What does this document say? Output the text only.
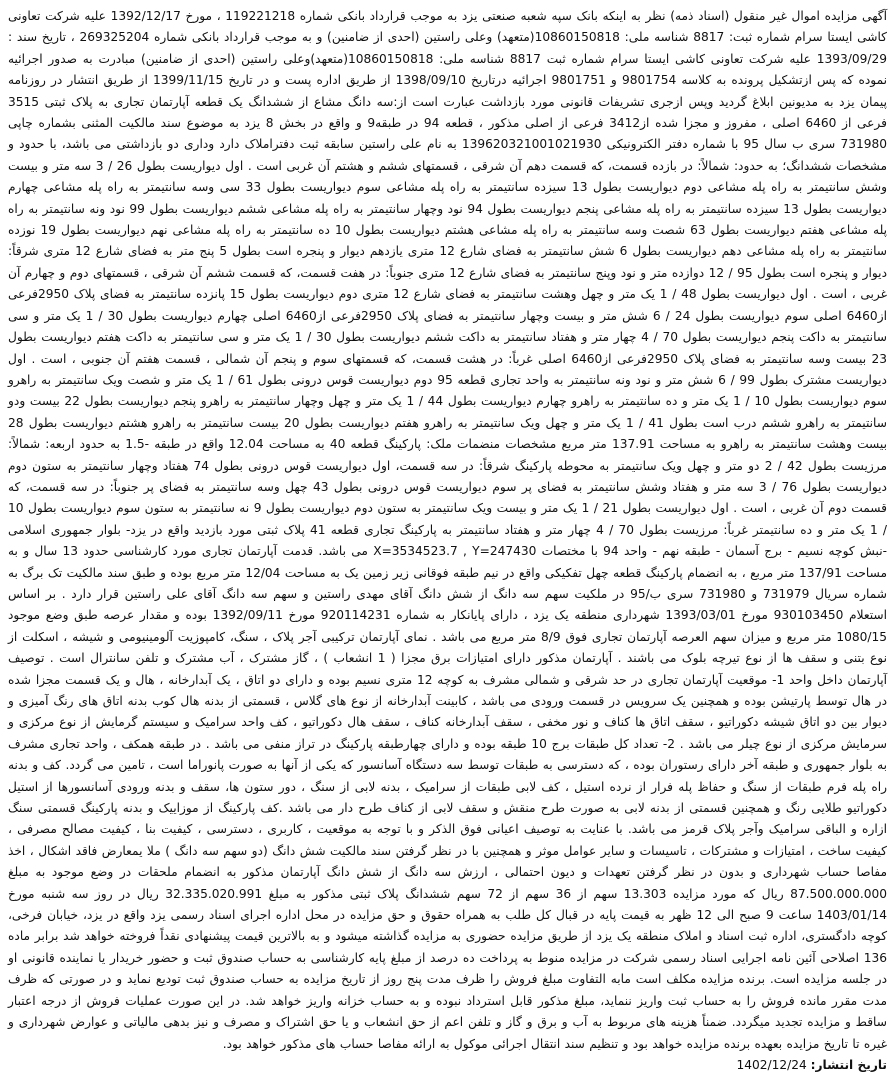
آگهی مزایده اموال غیر منقول (اسناد ذمه) نظر به اینکه بانک سپه شعبه صنعتی یزد به موجب قرارداد بانکی شماره 119221218 ، مورخ 1392/12/17 علیه شرکت تعاونی کاشی ایستا سرام شماره ثبت: 8817 شناسه ملی: 10860150818(متعهد) وعلی راستین (احدی از ضامنین) و به موجب قرارداد بانکی شماره 269325204 ، تاریخ سند : 1393/09/29 علیه شرکت تعاونی کاشی ایستا سرام شماره ثبت 8817 شناسه ملی: 10860150818(متعهد)وعلی راستین (احدی از ضامنین) مبادرت به صدور اجرائیه نموده که پس ازتشکیل پرونده به کلاسه 9801754 و 9801751 اجرائیه درتاریخ 1398/09/10 از طریق اداره پست و در تاریخ 1399/11/15 از طریق انتشار در روزنامه پیمان یزد به مدیونین ابلاغ گردید وپس ازجری تشریفات قانونی مورد بازداشت عبارت است از:سه دانگ مشاع از ششدانگ یک قطعه آپارتمان تجاری به پلاک ثبتی 3515 فرعی از 6460 اصلی ، مفروز و مجزا شده از3412 فرعی از اصلی مذکور ، قطعه 94 در طبقه9 و واقع در بخش 8 یزد به موضوع سند مالکیت المثنی بشماره چاپی 731980 سری ب سال 95 با شماره دفتر الکترونیکی 139620321001021930 به نام علی راستین سابقه ثبت دفتراملاک دارد وداری دو بازداشتی می باشد، با حدود و مشخصات ششدانگ؛ به حدود: شمالاً: در بازده قسمت، که قسمت دهم آن شرقی ، قسمتهای ششم و هشتم آن غربی است . اول دیواریست بطول 26 / 3 سه متر و بیست وشش سانتیمتر به راه پله مشاعی دوم دیواریست بطول 13 سیزده سانتیمتر به راه پله مشاعی سوم دیواریست بطول 33 سی وسه سانتیمتر به راه پله مشاعی چهارم دیواریست بطول 13 سیزده سانتیمتر به راه پله مشاعی پنجم دیواریست بطول 94 نود وچهار سانتیمتر به راه پله مشاعی ششم دیواریست بطول 99 نود ونه سانتیمتر به راه پله مشاعی هفتم دیواریست بطول 63 شصت وسه سانتیمتر به راه پله مشاعی هشتم دیواریست بطول 10 ده سانتیمتر به راه پله مشاعی نهم دیواریست بطول 19 نوزده سانتیمتر به راه پله مشاعی دهم دیواریست بطول 6 شش سانتیمتر به فضای شارع 12 متری یازدهم دیوار و پنجره است بطول 5 پنج متر به فضای شارع 12 متری شرقاً: دیوار و پنجره است بطول 95 / 12 دوازده متر و نود وپنج سانتیمتر به فضای شارع 12 متری جنوباً: در هفت قسمت، که قسمت ششم آن شرقی ، قسمتهای دوم و چهارم آن غربی ، است . اول دیواریست بطول 48 / 1 یک متر و چهل وهشت سانتیمتر به فضای شارع 12 متری دوم دیواریست بطول 15 پانزده سانتیمتر به فضای پلاک 2950فرعی از6460 اصلی سوم دیواریست بطول 24 / 6 شش متر و بیست وچهار سانتیمتر به فضای پلاک 2950فرعی از6460 اصلی چهارم دیواریست بطول 30 / 1 یک متر و سی سانتیمتر به داکت پنجم دیواریست بطول 70 / 4 چهار متر و هفتاد سانتیمتر به داکت ششم دیواریست بطول 30 / 1 یک متر و سی سانتیمتر به داکت هفتم دیواریست بطول 23 بیست وسه سانتیمتر به فضای پلاک 2950فرعی از6460 اصلی غرباً: در هشت قسمت، که قسمتهای سوم و پنجم آن شمالی ، قسمت هفتم آن جنوبی ، است . اول دیواریست مشترک بطول 99 / 6 شش متر و نود ونه سانتیمتر به واحد تجاری قطعه 95 دوم دیواریست قوس درونی بطول 61 / 1 یک متر و شصت ویک سانتیمتر به راهرو سوم دیواریست بطول 10 / 1 یک متر و ده سانتیمتر به راهرو چهارم دیواریست بطول 44 / 1 یک متر و چهل وچهار سانتیمتر به راهرو پنجم دیواریست بطول 22 بیست ودو سانتیمتر به راهرو ششم درب است بطول 41 / 1 یک متر و چهل ویک سانتیمتر به راهرو هفتم دیواریست بطول 20 بیست سانتیمتر به راهرو هشتم دیواریست بطول 28 بیست وهشت سانتیمتر به راهرو به مساحت 137.91 متر مربع مشخصات منضمات ملک: پارکینگ قطعه 40 به مساحت 12.04 واقع در طبقه -1.5 به حدود اربعه: شمالاً: مرزیست بطول 42 / 2 دو متر و چهل ویک سانتیمتر به محوطه پارکینگ شرقاً: در سه قسمت، اول دیواریست قوس درونی بطول 74 هفتاد وچهار سانتیمتر به ستون دوم دیواریست بطول 76 / 3 سه متر و هفتاد وشش سانتیمتر به فضای پر سوم دیواریست قوس درونی بطول 43 چهل وسه سانتیمتر به فضای پر جنوباً: در سه قسمت، که قسمت دوم آن غربی ، است . اول دیواریست بطول 21 / 1 یک متر و بیست ویک سانتیمتر به ستون دوم دیواریست بطول 9 نه سانتیمتر به ستون سوم دیواریست بطول 10 / 1 یک متر و ده سانتیمتر غرباً: مرزیست بطول 70 / 4 چهار متر و هفتاد سانتیمتر به پارکینگ تجاری قطعه 41 پلاک ثبتی مورد بازدید واقع در یزد- بلوار جمهوری اسلامی -نبش کوچه نسیم - برج آسمان - طبقه نهم - واحد 94 با مختصات X=3534523.7 , Y=247430 می باشد. قدمت آپارتمان تجاری مورد کارشناسی حدود 13 سال و به مساحت 137/91 متر مربع ، به انضمام پارکینگ قطعه چهل تفکیکی واقع در نیم طبقه فوقانی زیر زمین یک به مساحت 12/04 متر مربع بوده و طبق سند مالکیت تک برگ به شماره سریال 731979 و 731980 سری ب/95 در ملکیت سهم سه دانگ از شش دانگ آقای مهدی راستین و سهم سه دانگ آقای علی راستین قرار دارد . بر اساس استعلام 930103450 مورخ 1393/03/01 شهرداری منطقه یک یزد ، دارای پایانکار به شماره 920114231 مورخ 1392/09/11 بوده و مقدار عرصه طبق وضع موجود 1080/15 متر مربع و میزان سهم العرصه آپارتمان تجاری فوق 8/9 متر مربع می باشد . نمای آپارتمان ترکیبی آجر پلاک ، سنگ، کامپوزیت آلومینیومی و شیشه ، اسکلت از نوع بتنی و سقف ها از نوع تیرچه بلوک می باشند . آپارتمان مذکور دارای امتیازات برق مجزا ( 1 انشعاب ) ، گاز مشترک ، آب مشترک و تلفن سانترال است . توصیف آپارتمان داخل واحد 1- موقعیت آپارتمان تجاری در حد شرقی و شمالی مشرف به کوچه 12 متری نسیم بوده و دارای دو اتاق ، یک آبدارخانه ، هال و یک قسمت مجزا شده در هال توسط پارتیشن بوده و همچنین یک سرویس در قسمت ورودی می باشد ، کابینت آبدارخانه از نوع های گلاس ، قسمتی از بدنه هال کوب بدنه اتاق های رنگ آمیزی و دیوار بین دو اتاق شیشه دکوراتیو ، سقف اتاق ها کناف و نور مخفی ، سقف آبدارخانه کناف ، سقف هال دکوراتیو ، کف واحد سرامیک و سیستم گرمایش از نوع مرکزی و سرمایش مرکزی از نوع چیلر می باشد . 2- تعداد کل طبقات برج 10 طبقه بوده و دارای چهارطبقه پارکینگ در تراز منفی می باشد . در طبقه همکف ، واحد تجاری مشرف به بلوار جمهوری و طبقه آخر دارای رستوران بوده ، که دسترسی به طبقات توسط سه دستگاه آسانسور که یکی از آنها به صورت پانوراما است ، تامین می گردد. کف و بدنه راه پله فرم طبقات از سنگ و حفاظ پله فرار از نرده استیل ، کف لابی طبقات از سرامیک ، بدنه لابی از سنگ ، دور ستون ها، سقف و بدنه ورودی آسانسورها از استیل دکوراتیو طلایی رنگ و همچنین قسمتی از بدنه لابی به صورت طرح منقش و سقف لابی از کناف طرح دار می باشد .کف پارکینگ از موزاییک و بدنه پارکینگ قسمتی سنگ ازاره و الباقی سرامیک وآجر پلاک قرمز می باشد. با عنایت به توصیف اعیانی فوق الذکر و با توجه به موقعیت ، کاربری ، دسترسی ، کیفیت بنا ، کیفیت مصالح مصرفی ، کیفیت ساخت ، امتیازات و مشترکات ، تاسیسات و سایر عوامل موثر و همچنین با در نظر گرفتن سند مالکیت شش دانگ (دو سهم سه دانگ ) ملا یمعارض فاقد اشکال ، اخذ مفاصا حساب شهرداری و بدون در نظر گرفتن تعهدات و دیون احتمالی ، ارزش سه دانگ از شش دانگ آپارتمان مذکور به انضمام ملحقات در وضع موجود به مبلغ 87.500.000.000 ریال که مورد مزایده 13.303 سهم از 36 سهم از 72 سهم ششدانگ پلاک ثبتی مذکور به مبلغ 32.335.020.991 ریال در روز سه شنبه مورخ 1403/01/14 ساعت 9 صبح الی 12 ظهر به قیمت پایه در قبال کل طلب به همراه حقوق و حق مزایده در محل اداره اجرای اسناد رسمی یزد واقع در یزد، خیابان فرخی، کوچه دادگستری، اداره ثبت اسناد و املاک منطقه یک یزد از طریق مزایده حضوری به مزایده گذاشته میشود و به بالاترین قیمت پیشنهادی نقداً فروخته خواهد شد برابر ماده 136 اصلاحی آئین نامه اجرایی اسناد رسمی شرکت در مزایده منوط به پرداخت ده درصد از مبلغ پایه کارشناسی به حساب صندوق ثبت و حضور خریدار یا نماینده قانونی او در جلسه مزایده است. برنده مزایده مکلف است مابه التفاوت مبلغ فروش را ظرف مدت پنج روز از تاریخ مزایده به حساب صندوق ثبت تودیع نماید و در صورتی که ظرف مدت مقرر مانده فروش را به حساب ثبت واریز ننماید، مبلغ مذکور قابل استرداد نبوده و به حساب خزانه واریز خواهد شد. در این صورت عملیات فروش از درجه اعتبار ساقط و مزایده تجدید میگردد. ضمناً هزینه های مربوط به آب و برق و گاز و تلفن اعم از حق انشعاب و یا حق اشتراک و مصرف و نیز بدهی مالیاتی و عوارض شهرداری و غیره تا تاریخ مزایده بعهده برنده مزایده خواهد بود و تنظیم سند انتقال اجرائی موکول به ارائه مفاصا حساب های مذکور خواهد بود.

تاریخ انتشار: 1402/12/24
